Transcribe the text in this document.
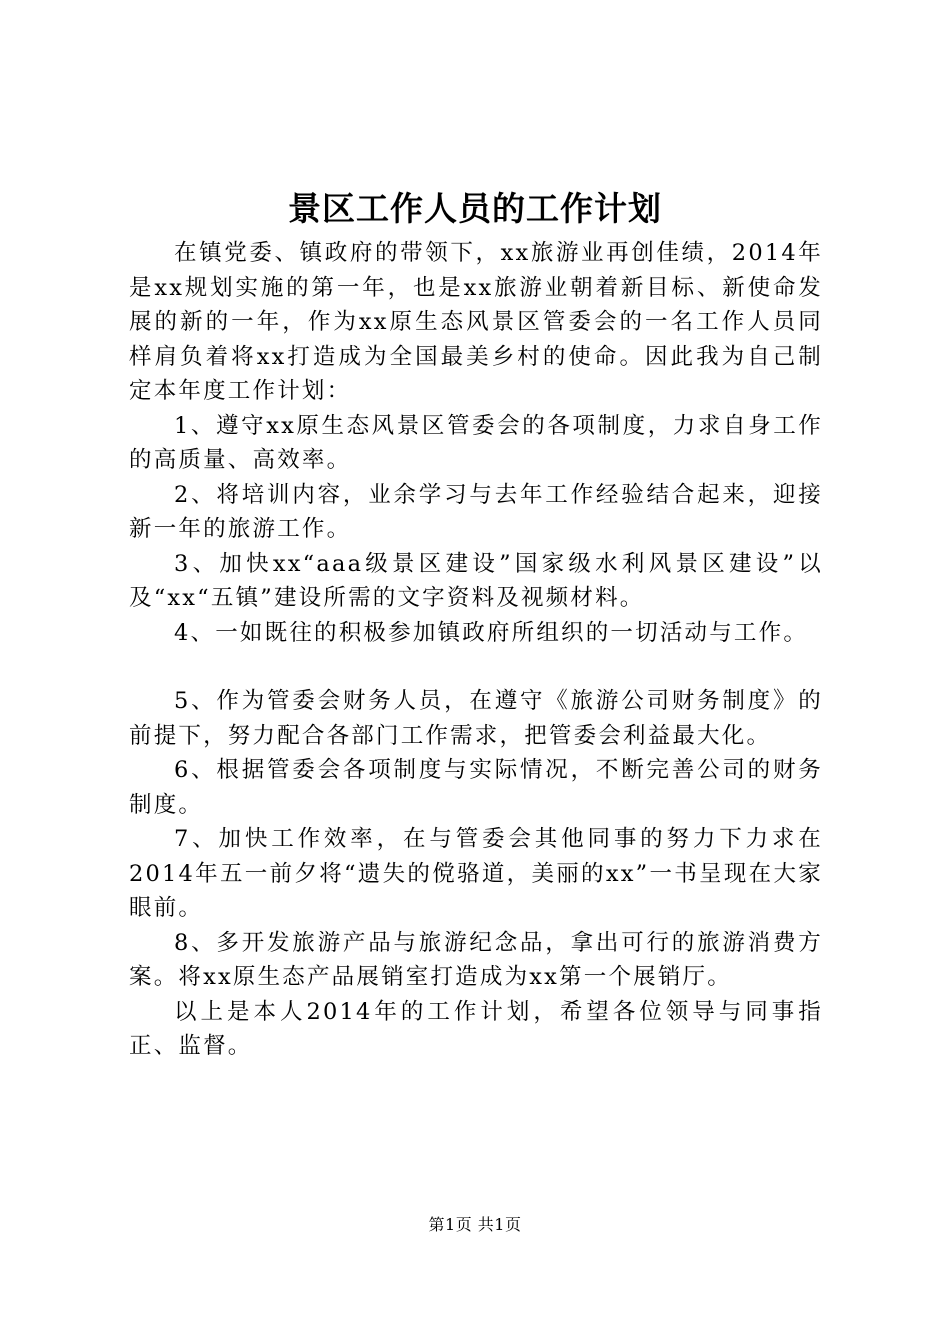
景区工作人员的工作计划

在镇党委、镇政府的带领下，xx旅游业再创佳绩，2014年是xx规划实施的第一年，也是xx旅游业朝着新目标、新使命发展的新的一年，作为xx原生态风景区管委会的一名工作人员同样肩负着将xx打造成为全国最美乡村的使命。因此我为自己制定本年度工作计划：

1、遵守xx原生态风景区管委会的各项制度，力求自身工作的高质量、高效率。

2、将培训内容，业余学习与去年工作经验结合起来，迎接新一年的旅游工作。

3、加快xx“aaa级景区建设”国家级水利风景区建设”以及“xx“五镇”建设所需的文字资料及视频材料。

4、一如既往的积极参加镇政府所组织的一切活动与工作。

5、作为管委会财务人员，在遵守《旅游公司财务制度》的前提下，努力配合各部门工作需求，把管委会利益最大化。

6、根据管委会各项制度与实际情况，不断完善公司的财务制度。

7、加快工作效率，在与管委会其他同事的努力下力求在2014年五一前夕将“遗失的傥骆道，美丽的xx”一书呈现在大家眼前。

8、多开发旅游产品与旅游纪念品，拿出可行的旅游消费方案。将xx原生态产品展销室打造成为xx第一个展销厅。

以上是本人2014年的工作计划，希望各位领导与同事指正、监督。

第1页 共1页
